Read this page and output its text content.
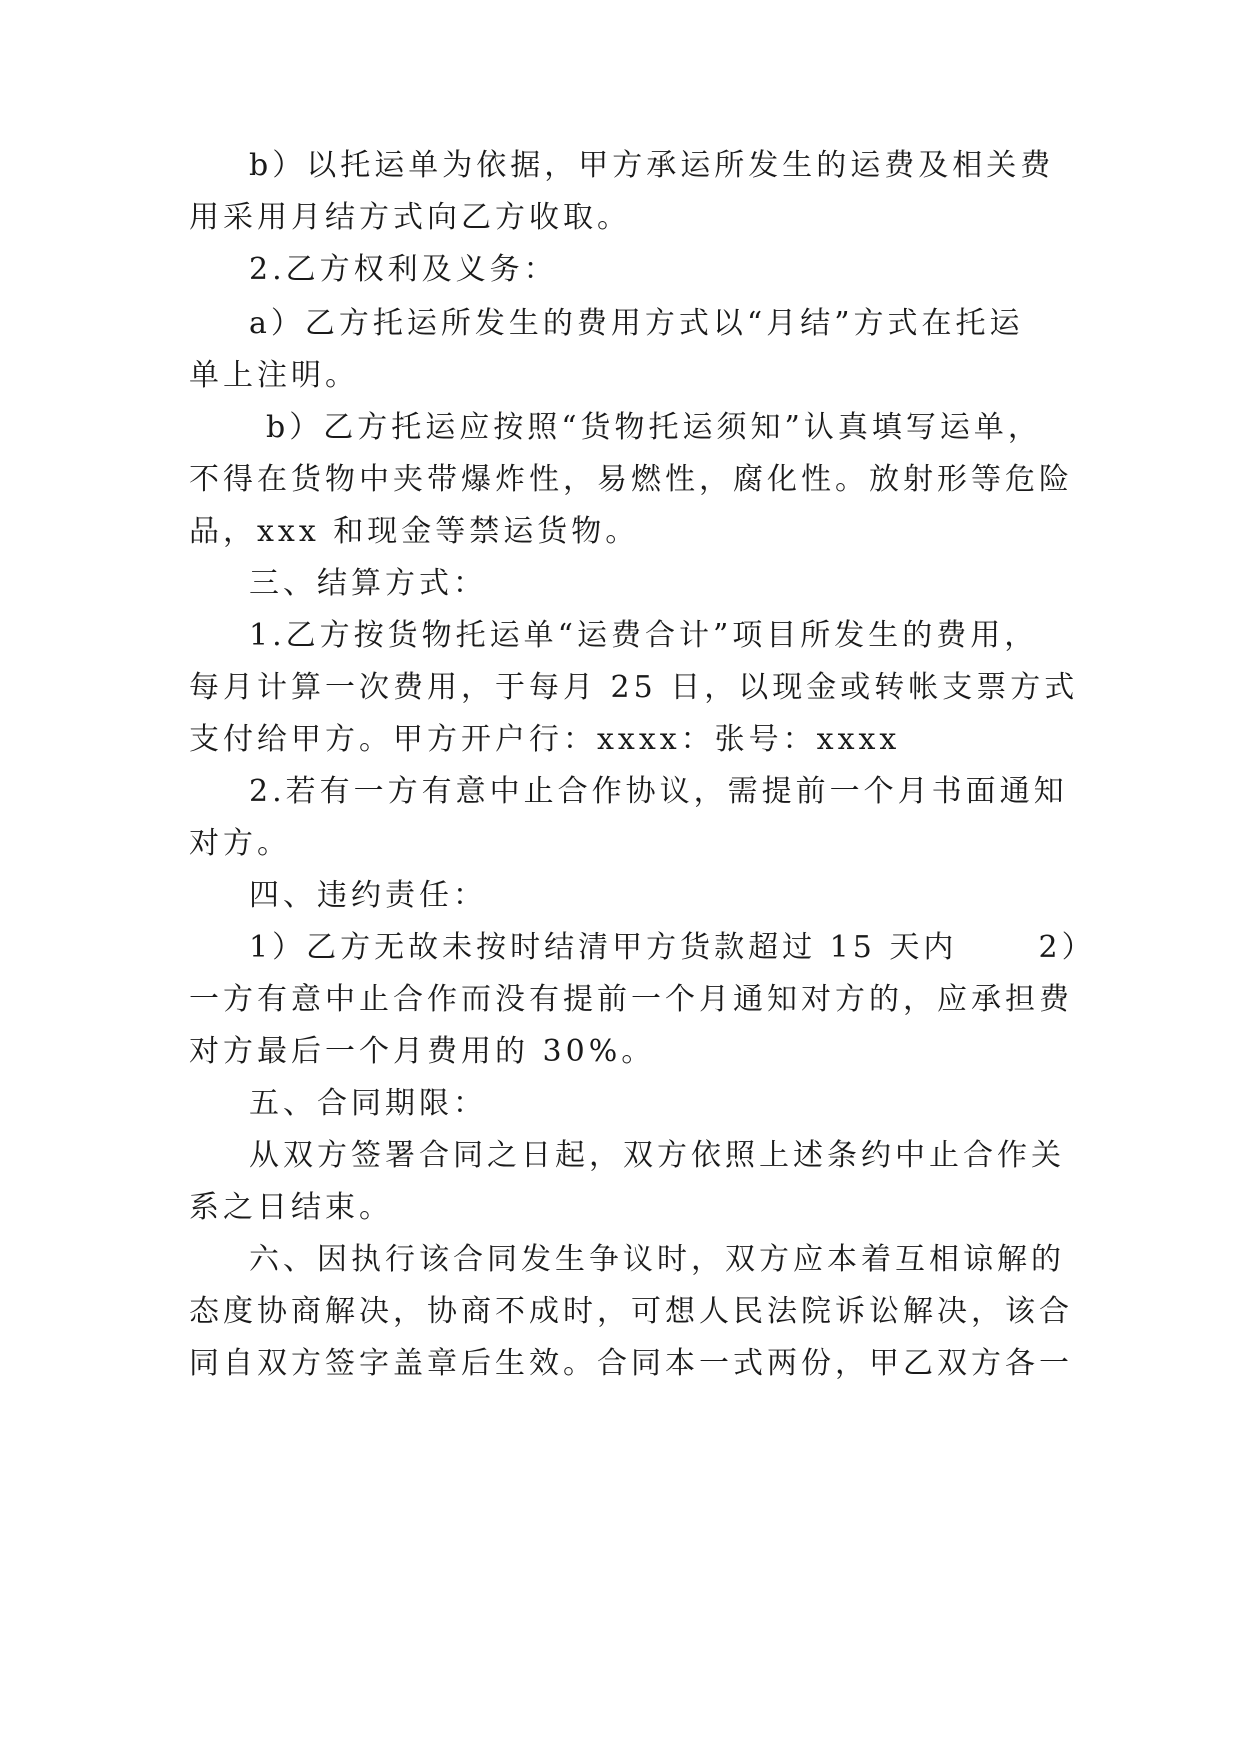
b）以托运单为依据，甲方承运所发生的运费及相关费
用采用月结方式向乙方收取。
2.乙方权利及义务：
a）乙方托运所发生的费用方式以“月结”方式在托运
单上注明。
b）乙方托运应按照“货物托运须知”认真填写运单，
不得在货物中夹带爆炸性，易燃性，腐化性。放射形等危险
品，xxx 和现金等禁运货物。
三、结算方式：
1.乙方按货物托运单“运费合计”项目所发生的费用，
每月计算一次费用，于每月 25 日，以现金或转帐支票方式
支付给甲方。甲方开户行：xxxx：张号：xxxx
2.若有一方有意中止合作协议，需提前一个月书面通知
对方。
四、违约责任：
1）乙方无故未按时结清甲方货款超过 15 天内      2）
一方有意中止合作而没有提前一个月通知对方的，应承担费
对方最后一个月费用的 30%。
五、合同期限：
从双方签署合同之日起，双方依照上述条约中止合作关
系之日结束。
六、因执行该合同发生争议时，双方应本着互相谅解的
态度协商解决，协商不成时，可想人民法院诉讼解决，该合
同自双方签字盖章后生效。合同本一式两份，甲乙双方各一
